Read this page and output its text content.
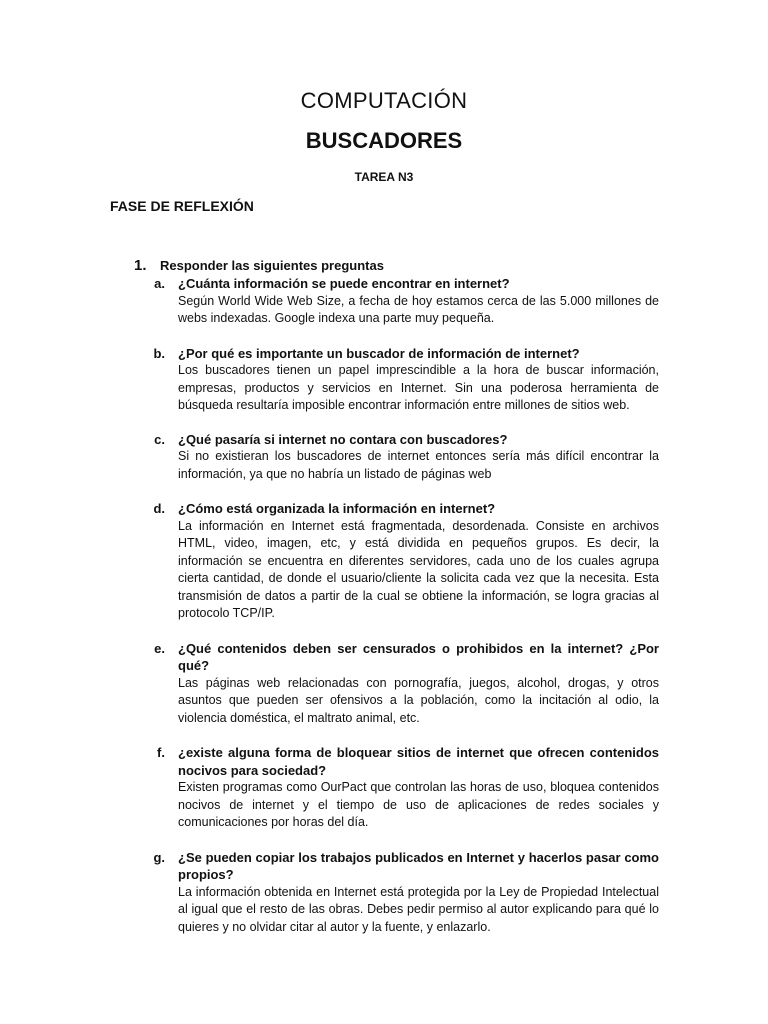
COMPUTACIÓN
BUSCADORES
TAREA N3
FASE DE REFLEXIÓN
1.	Responder las siguientes preguntas
a.	¿Cuánta información se puede encontrar en internet?

Según World Wide Web Size, a fecha de hoy estamos cerca de las 5.000 millones de webs indexadas. Google indexa una parte muy pequeña.

b.	¿Por qué es importante un buscador de información de internet?

Los buscadores tienen un papel imprescindible a la hora de buscar información, empresas, productos y servicios en Internet. Sin una poderosa herramienta de búsqueda resultaría imposible encontrar información entre millones de sitios web.

c.	¿Qué pasaría si internet no contara con buscadores?

Si no existieran los buscadores de internet entonces sería más difícil encontrar la información, ya que no habría un listado de páginas web

d.	¿Cómo está organizada la información en internet?

La información en Internet está fragmentada, desordenada. Consiste en archivos HTML, video, imagen, etc, y está dividida en pequeños grupos. Es decir, la información se encuentra en diferentes servidores, cada uno de los cuales agrupa cierta cantidad, de donde el usuario/cliente la solicita cada vez que la necesita. Esta transmisión de datos a partir de la cual se obtiene la información, se logra gracias al protocolo TCP/IP.

e.	¿Qué contenidos deben ser censurados o prohibidos en la internet? ¿Por qué?

Las páginas web relacionadas con pornografía, juegos, alcohol, drogas, y otros asuntos que pueden ser ofensivos a la población, como la incitación al odio, la violencia doméstica, el maltrato animal, etc.

f.	¿existe alguna forma de bloquear sitios de internet que ofrecen contenidos nocivos para sociedad?

Existen programas como OurPact que controlan las horas de uso, bloquea contenidos nocivos de internet y el tiempo de uso de aplicaciones de redes sociales y comunicaciones por horas del día.

g.	¿Se pueden copiar los trabajos publicados en Internet y hacerlos pasar como propios?

La información obtenida en Internet está protegida por la Ley de Propiedad Intelectual al igual que el resto de las obras. Debes pedir permiso al autor explicando para qué lo quieres y no olvidar citar al autor y la fuente, y enlazarlo.
